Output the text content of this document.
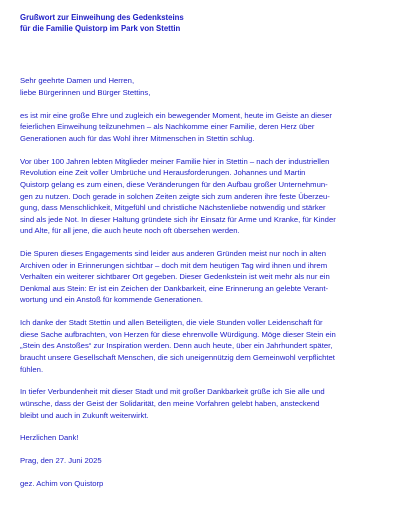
Grußwort zur Einweihung des Gedenksteins
für die Familie Quistorp im Park von Stettin
Sehr geehrte Damen und Herren,
liebe Bürgerinnen und Bürger Stettins,

es ist mir eine große Ehre und zugleich ein bewegender Moment, heute im Geiste an dieser
feierlichen Einweihung teilzunehmen – als Nachkomme einer Familie, deren Herz über
Generationen auch für das Wohl ihrer Mitmenschen in Stettin schlug.

Vor über 100 Jahren lebten Mitglieder meiner Familie hier in Stettin – nach der industriellen
Revolution eine Zeit voller Umbrüche und Herausforderungen. Johannes und Martin
Quistorp gelang es zum einen, diese Veränderungen für den Aufbau großer Unternehmun-
gen zu nutzen. Doch gerade in solchen Zeiten zeigte sich zum anderen ihre feste Überzeu-
gung, dass Menschlichkeit, Mitgefühl und christliche Nächstenliebe notwendig und stärker
sind als jede Not. In dieser Haltung gründete sich ihr Einsatz für Arme und Kranke, für Kinder
und Alte, für all jene, die auch heute noch oft übersehen werden.

Die Spuren dieses Engagements sind leider aus anderen Gründen meist nur noch in alten
Archiven oder in Erinnerungen sichtbar – doch mit dem heutigen Tag wird ihnen und ihrem
Verhalten ein weiterer sichtbarer Ort gegeben. Dieser Gedenkstein ist weit mehr als nur ein
Denkmal aus Stein: Er ist ein Zeichen der Dankbarkeit, eine Erinnerung an gelebte Verant-
wortung und ein Anstoß für kommende Generationen.

Ich danke der Stadt Stettin und allen Beteiligten, die viele Stunden voller Leidenschaft für
diese Sache aufbrachten, von Herzen für diese ehrenvolle Würdigung. Möge dieser Stein ein
„Stein des Anstoßes“ zur Inspiration werden. Denn auch heute, über ein Jahrhundert später,
braucht unsere Gesellschaft Menschen, die sich uneigennützig dem Gemeinwohl verpflichtet
fühlen.

In tiefer Verbundenheit mit dieser Stadt und mit großer Dankbarkeit grüße ich Sie alle und
wünsche, dass der Geist der Solidarität, den meine Vorfahren gelebt haben, ansteckend
bleibt und auch in Zukunft weiterwirkt.

Herzlichen Dank!

Prag, den 27. Juni 2025

gez. Achim von Quistorp
